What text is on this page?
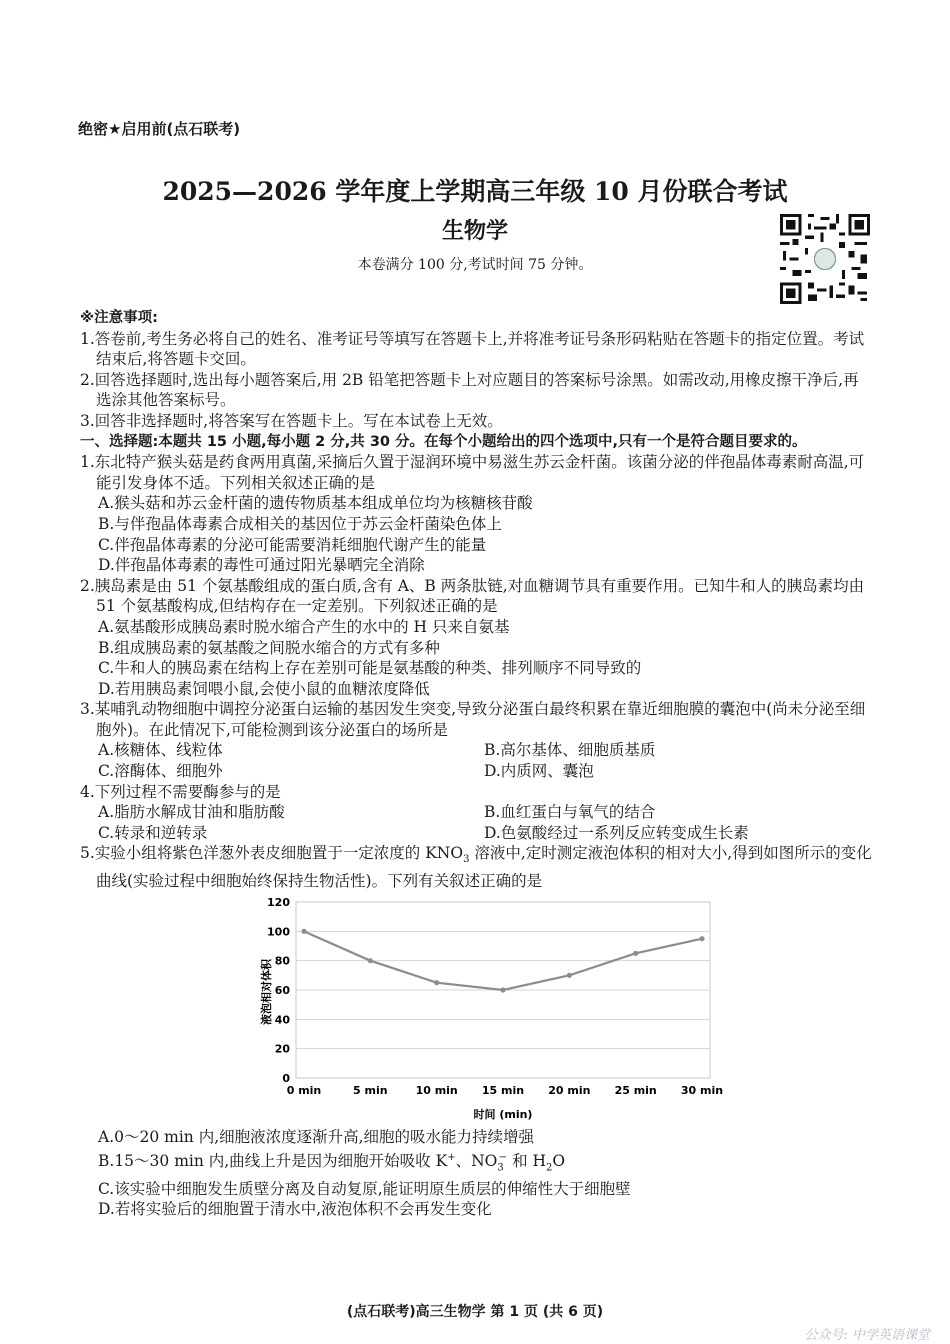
绝密★启用前(点石联考)
2025—2026 学年度上学期高三年级 10 月份联合考试
生物学
本卷满分 100 分,考试时间 75 分钟。

※注意事项:

1.答卷前,考生务必将自己的姓名、准考证号等填写在答题卡上,并将准考证号条形码粘贴在答题卡的指定位置。考试结束后,将答题卡交回。

2.回答选择题时,选出每小题答案后,用 2B 铅笔把答题卡上对应题目的答案标号涂黑。如需改动,用橡皮擦干净后,再选涂其他答案标号。

3.回答非选择题时,将答案写在答题卡上。写在本试卷上无效。

一、选择题:本题共 15 小题,每小题 2 分,共 30 分。在每个小题给出的四个选项中,只有一个是符合题目要求的。

1.东北特产猴头菇是药食两用真菌,采摘后久置于湿润环境中易滋生苏云金杆菌。该菌分泌的伴孢晶体毒素耐高温,可能引发身体不适。下列相关叙述正确的是

A.猴头菇和苏云金杆菌的遗传物质基本组成单位均为核糖核苷酸

B.与伴孢晶体毒素合成相关的基因位于苏云金杆菌染色体上

C.伴孢晶体毒素的分泌可能需要消耗细胞代谢产生的能量

D.伴孢晶体毒素的毒性可通过阳光暴晒完全消除

2.胰岛素是由 51 个氨基酸组成的蛋白质,含有 A、B 两条肽链,对血糖调节具有重要作用。已知牛和人的胰岛素均由 51 个氨基酸构成,但结构存在一定差别。下列叙述正确的是

A.氨基酸形成胰岛素时脱水缩合产生的水中的 H 只来自氨基

B.组成胰岛素的氨基酸之间脱水缩合的方式有多种

C.牛和人的胰岛素在结构上存在差别可能是氨基酸的种类、排列顺序不同导致的

D.若用胰岛素饲喂小鼠,会使小鼠的血糖浓度降低

3.某哺乳动物细胞中调控分泌蛋白运输的基因发生突变,导致分泌蛋白最终积累在靠近细胞膜的囊泡中(尚未分泌至细胞外)。在此情况下,可能检测到该分泌蛋白的场所是

A.核糖体、线粒体	B.高尔基体、细胞质基质
C.溶酶体、细胞外	D.内质网、囊泡

4.下列过程不需要酶参与的是

A.脂肪水解成甘油和脂肪酸	B.血红蛋白与氧气的结合
C.转录和逆转录	D.色氨酸经过一系列反应转变成生长素

5.实验小组将紫色洋葱外表皮细胞置于一定浓度的 $KNO_3$ 溶液中,定时测定液泡体积的相对大小,得到如图所示的变化曲线(实验过程中细胞始终保持生物活性)。下列有关叙述正确的是

0
20
40
60
80
100
120
0 min	5 min	10 min 15 min 20 min 25 min 30 min
液泡相对体积
时间 (min)

A.0～20 min 内,细胞液浓度逐渐升高,细胞的吸水能力持续增强

B.15～30 min 内,曲线上升是因为细胞开始吸收 K+、$NO_3^-$ 和 $H_2O$

C.该实验中细胞发生质壁分离及自动复原,能证明原生质层的伸缩性大于细胞壁

D.若将实验后的细胞置于清水中,液泡体积不会再发生变化

(点石联考)高三生物学 第 1 页 (共 6 页)
公众号: 中学英语课堂
